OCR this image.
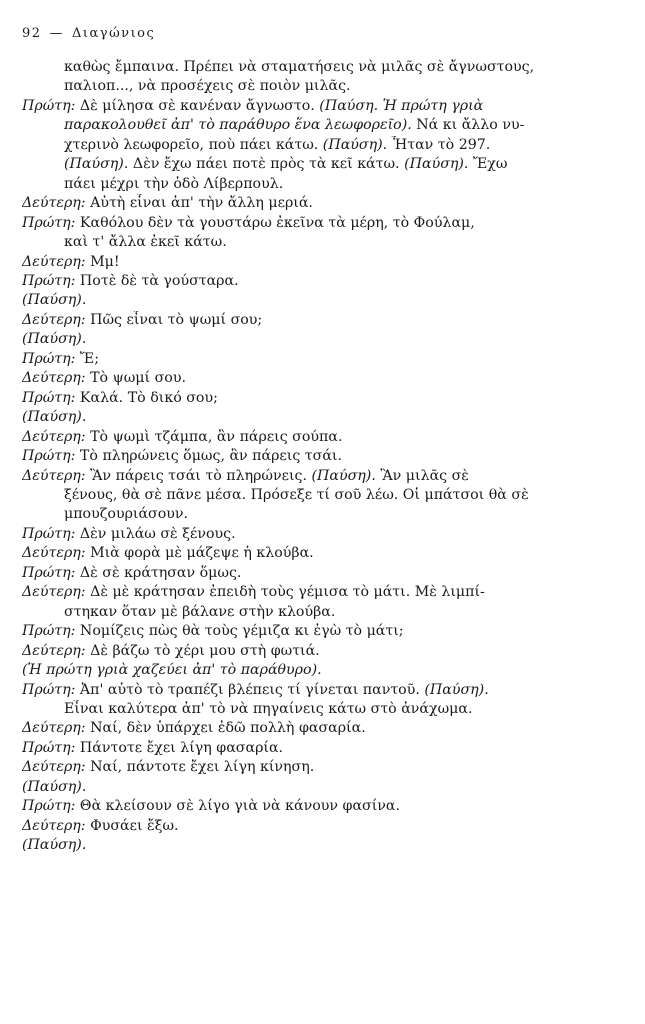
92 — Διαγώνιος
καθὼς ἔμπαινα. Πρέπει νὰ σταματήσεις νὰ μιλᾶς σὲ ἄγνωστους,
παλιοπ..., νὰ προσέχεις σὲ ποιὸν μιλᾶς.
Πρώτη: Δὲ μίλησα σὲ κανέναν ἄγνωστο. (Παύση. Ἡ πρώτη γριὰ
παρακολουθεῖ ἀπ' τὸ παράθυρο ἕνα λεωφορεῖο). Νά κι ἄλλο νυ-
χτερινὸ λεωφορεῖο, ποὺ πάει κάτω. (Παύση). Ἦταν τὸ 297.
(Παύση). Δὲν ἔχω πάει ποτὲ πρὸς τὰ κεῖ κάτω. (Παύση). Ἔχω
πάει μέχρι τὴν ὁδὸ Λίβερπουλ.
Δεύτερη: Αὐτὴ εἶναι ἀπ' τὴν ἄλλη μεριά.
Πρώτη: Καθόλου δὲν τὰ γουστάρω ἐκεῖνα τὰ μέρη, τὸ Φούλαμ,
καὶ τ' ἄλλα ἐκεῖ κάτω.
Δεύτερη: Μμ!
Πρώτη: Ποτὲ δὲ τὰ γούσταρα.
(Παύση).
Δεύτερη: Πῶς εἶναι τὸ ψωμί σου;
(Παύση).
Πρώτη: Ἔ;
Δεύτερη: Τὸ ψωμί σου.
Πρώτη: Καλά. Τὸ δικό σου;
(Παύση).
Δεύτερη: Τὸ ψωμὶ τζάμπα, ἂν πάρεις σούπα.
Πρώτη: Τὸ πληρώνεις ὅμως, ἂν πάρεις τσάι.
Δεύτερη: Ἂν πάρεις τσάι τὸ πληρώνεις. (Παύση). Ἂν μιλᾶς σὲ
ξένους, θὰ σὲ πᾶνε μέσα. Πρόσεξε τί σοῦ λέω. Οἱ μπάτσοι θὰ σὲ
μπουζουριάσουν.
Πρώτη: Δὲν μιλάω σὲ ξένους.
Δεύτερη: Μιὰ φορὰ μὲ μάζεψε ἡ κλούβα.
Πρώτη: Δὲ σὲ κράτησαν ὅμως.
Δεύτερη: Δὲ μὲ κράτησαν ἐπειδὴ τοὺς γέμισα τὸ μάτι. Μὲ λιμπί-
στηκαν ὅταν μὲ βάλανε στὴν κλούβα.
Πρώτη: Νομίζεις πὼς θὰ τοὺς γέμιζα κι ἐγὼ τὸ μάτι;
Δεύτερη: Δὲ βάζω τὸ χέρι μου στὴ φωτιά.
(Ἡ πρώτη γριὰ χαζεύει ἀπ' τὸ παράθυρο).
Πρώτη: Ἀπ' αὐτὸ τὸ τραπέζι βλέπεις τί γίνεται παντοῦ. (Παύση).
Εἶναι καλύτερα ἀπ' τὸ νὰ πηγαίνεις κάτω στὸ ἀνάχωμα.
Δεύτερη: Ναί, δὲν ὑπάρχει ἐδῶ πολλὴ φασαρία.
Πρώτη: Πάντοτε ἔχει λίγη φασαρία.
Δεύτερη: Ναί, πάντοτε ἔχει λίγη κίνηση.
(Παύση).
Πρώτη: Θὰ κλείσουν σὲ λίγο γιὰ νὰ κάνουν φασίνα.
Δεύτερη: Φυσάει ἔξω.
(Παύση).
